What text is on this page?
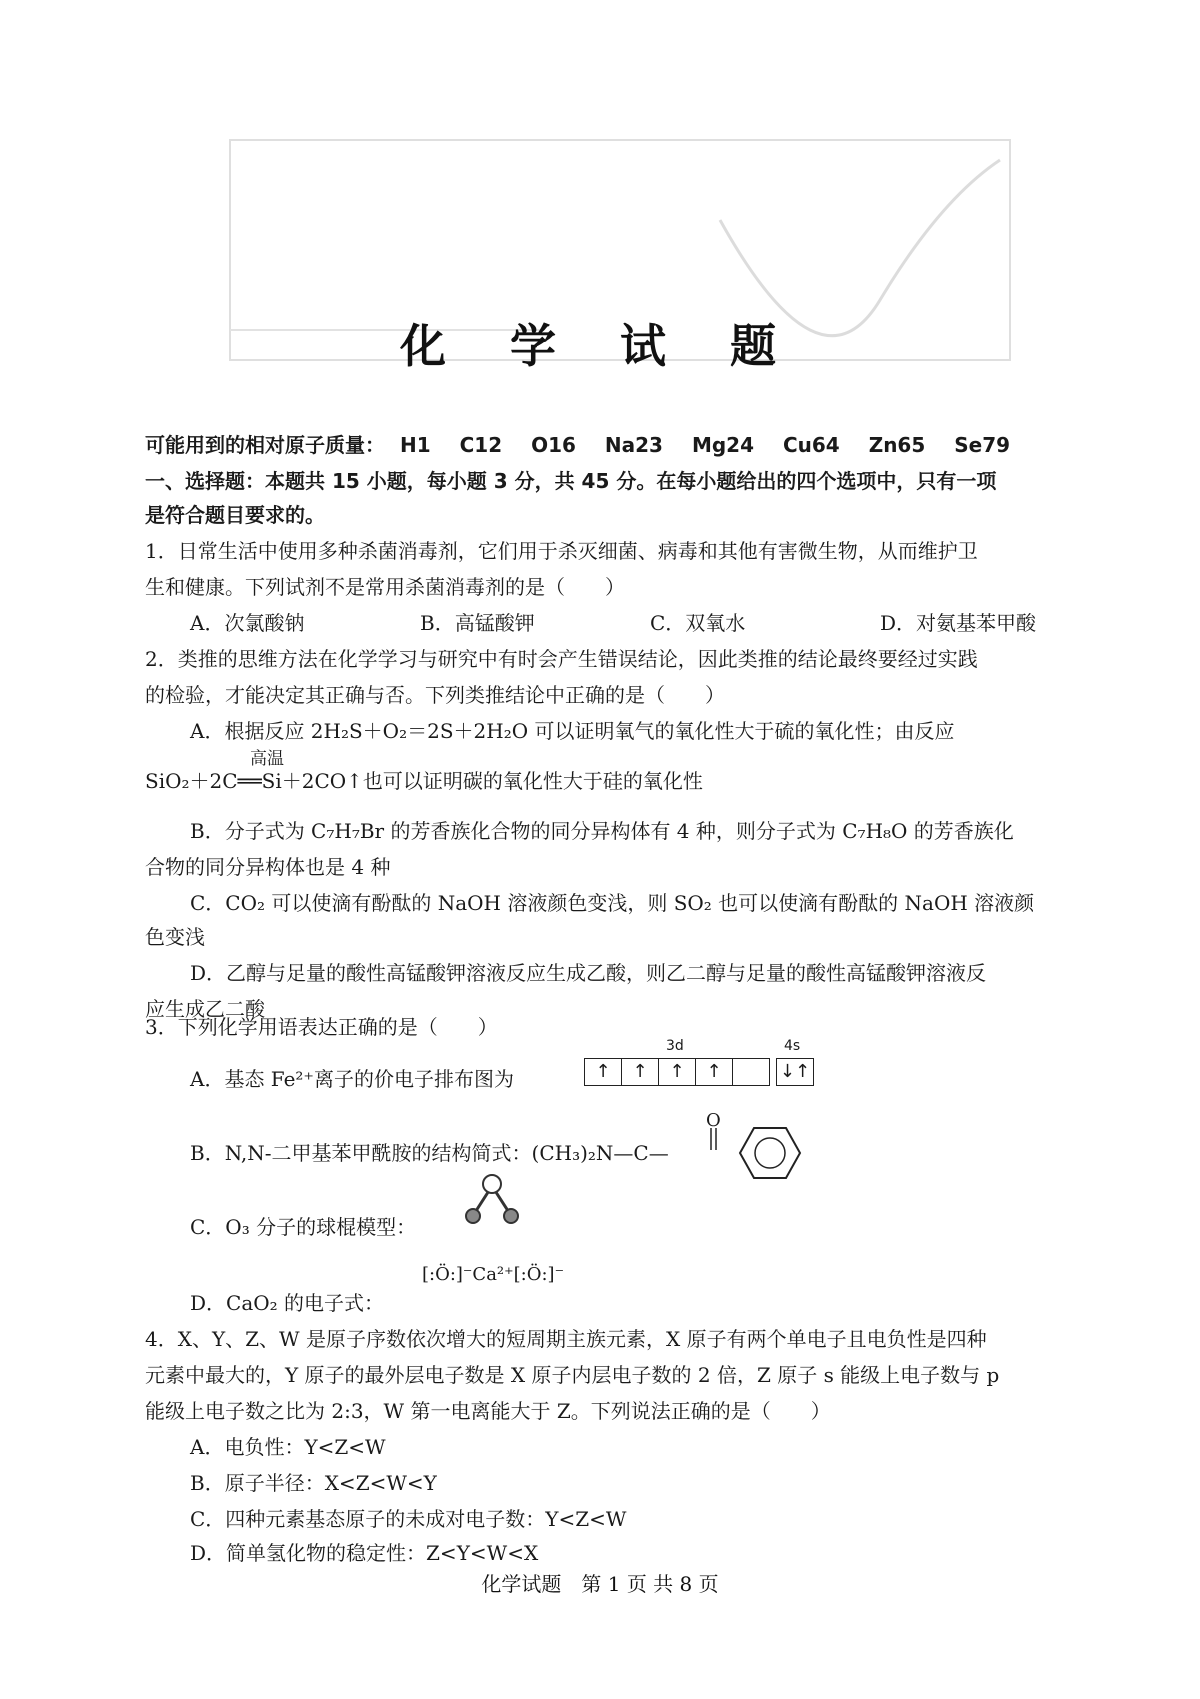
化 学 试 题
可能用到的相对原子质量： H1 C12 O16 Na23 Mg24 Cu64 Zn65 Se79
一、选择题：本题共 15 小题，每小题 3 分，共 45 分。在每小题给出的四个选项中，只有一项
是符合题目要求的。
1．日常生活中使用多种杀菌消毒剂，它们用于杀灭细菌、病毒和其他有害微生物，从而维护卫
生和健康。下列试剂不是常用杀菌消毒剂的是（　　）
A．次氯酸钠	B．高锰酸钾	C．双氧水	D．对氨基苯甲酸
2．类推的思维方法在化学学习与研究中有时会产生错误结论，因此类推的结论最终要经过实践
的检验，才能决定其正确与否。下列类推结论中正确的是（　　）
A．根据反应 2H₂S＋O₂＝2S＋2H₂O 可以证明氧气的氧化性大于硫的氧化性；由反应
高温
SiO₂＋2C══Si＋2CO↑也可以证明碳的氧化性大于硅的氧化性
B．分子式为 C₇H₇Br 的芳香族化合物的同分异构体有 4 种，则分子式为 C₇H₈O 的芳香族化
合物的同分异构体也是 4 种
C．CO₂ 可以使滴有酚酞的 NaOH 溶液颜色变浅，则 SO₂ 也可以使滴有酚酞的 NaOH 溶液颜
色变浅
D．乙醇与足量的酸性高锰酸钾溶液反应生成乙酸，则乙二醇与足量的酸性高锰酸钾溶液反
应生成乙二酸
3．下列化学用语表达正确的是（　　）
A．基态 Fe²⁺离子的价电子排布图为
3d	4s
↑	↑	↑	↑	↓↑
B．N,N-二甲基苯甲酰胺的结构简式：(CH₃)₂N—C—
O
C．O₃ 分子的球棍模型：
D．CaO₂ 的电子式：
[:Ö:]⁻Ca²⁺[:Ö:]⁻
4．X、Y、Z、W 是原子序数依次增大的短周期主族元素，X 原子有两个单电子且电负性是四种
元素中最大的，Y 原子的最外层电子数是 X 原子内层电子数的 2 倍，Z 原子 s 能级上电子数与 p
能级上电子数之比为 2:3，W 第一电离能大于 Z。下列说法正确的是（　　）
A．电负性：Y<Z<W
B．原子半径：X<Z<W<Y
C．四种元素基态原子的未成对电子数：Y<Z<W
D．简单氢化物的稳定性：Z<Y<W<X
化学试题　第 1 页 共 8 页
